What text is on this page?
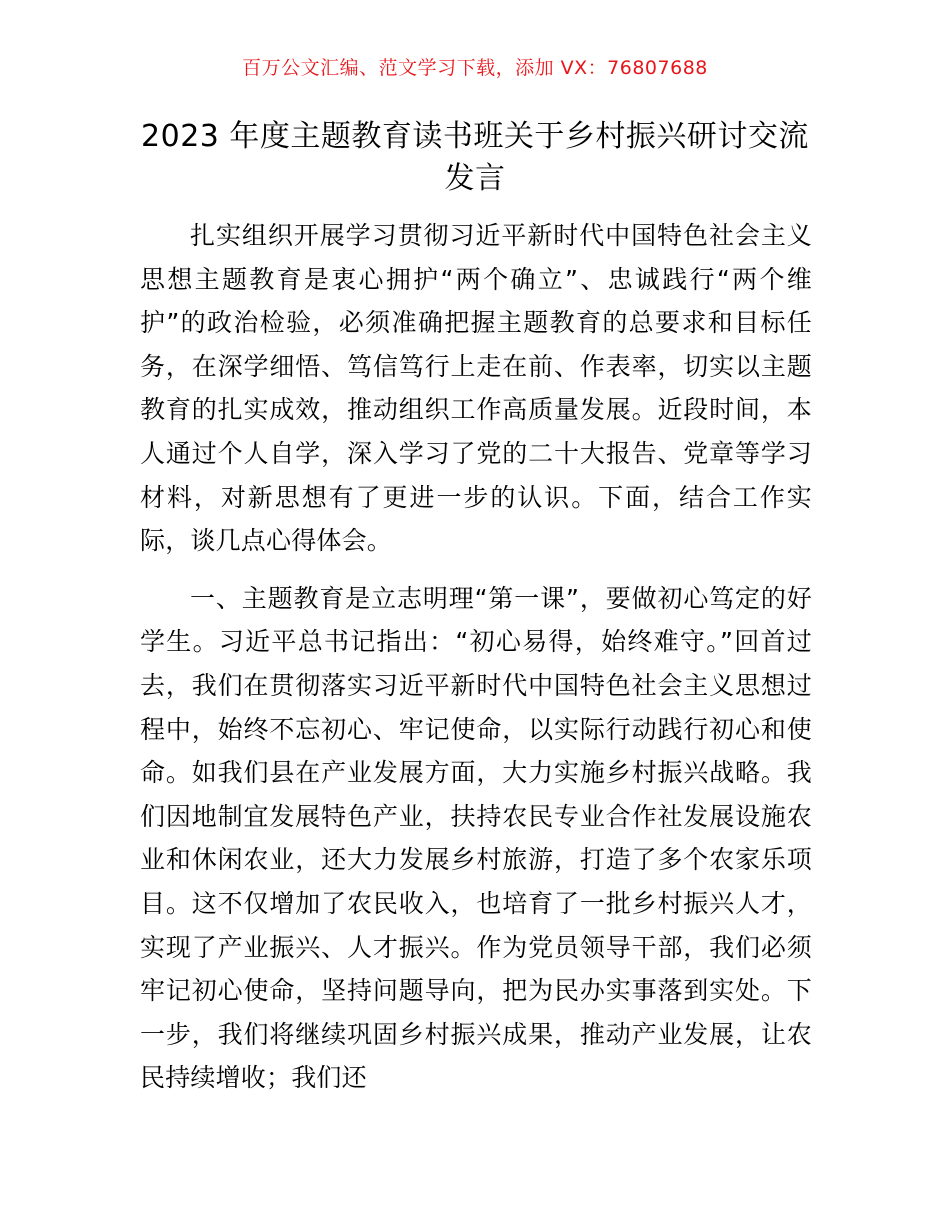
百万公文汇编、范文学习下载，添加 VX：76807688
2023 年度主题教育读书班关于乡村振兴研讨交流发言

扎实组织开展学习贯彻习近平新时代中国特色社会主义思想主题教育是衷心拥护“两个确立”、忠诚践行“两个维护”的政治检验，必须准确把握主题教育的总要求和目标任务，在深学细悟、笃信笃行上走在前、作表率，切实以主题教育的扎实成效，推动组织工作高质量发展。近段时间，本人通过个人自学，深入学习了党的二十大报告、党章等学习材料，对新思想有了更进一步的认识。下面，结合工作实际，谈几点心得体会。

一、主题教育是立志明理“第一课”，要做初心笃定的好学生。习近平总书记指出：“初心易得，始终难守。”回首过去，我们在贯彻落实习近平新时代中国特色社会主义思想过程中，始终不忘初心、牢记使命，以实际行动践行初心和使命。如我们县在产业发展方面，大力实施乡村振兴战略。我们因地制宜发展特色产业，扶持农民专业合作社发展设施农业和休闲农业，还大力发展乡村旅游，打造了多个农家乐项目。这不仅增加了农民收入，也培育了一批乡村振兴人才，实现了产业振兴、人才振兴。作为党员领导干部，我们必须牢记初心使命，坚持问题导向，把为民办实事落到实处。下一步，我们将继续巩固乡村振兴成果，推动产业发展，让农民持续增收；我们还
